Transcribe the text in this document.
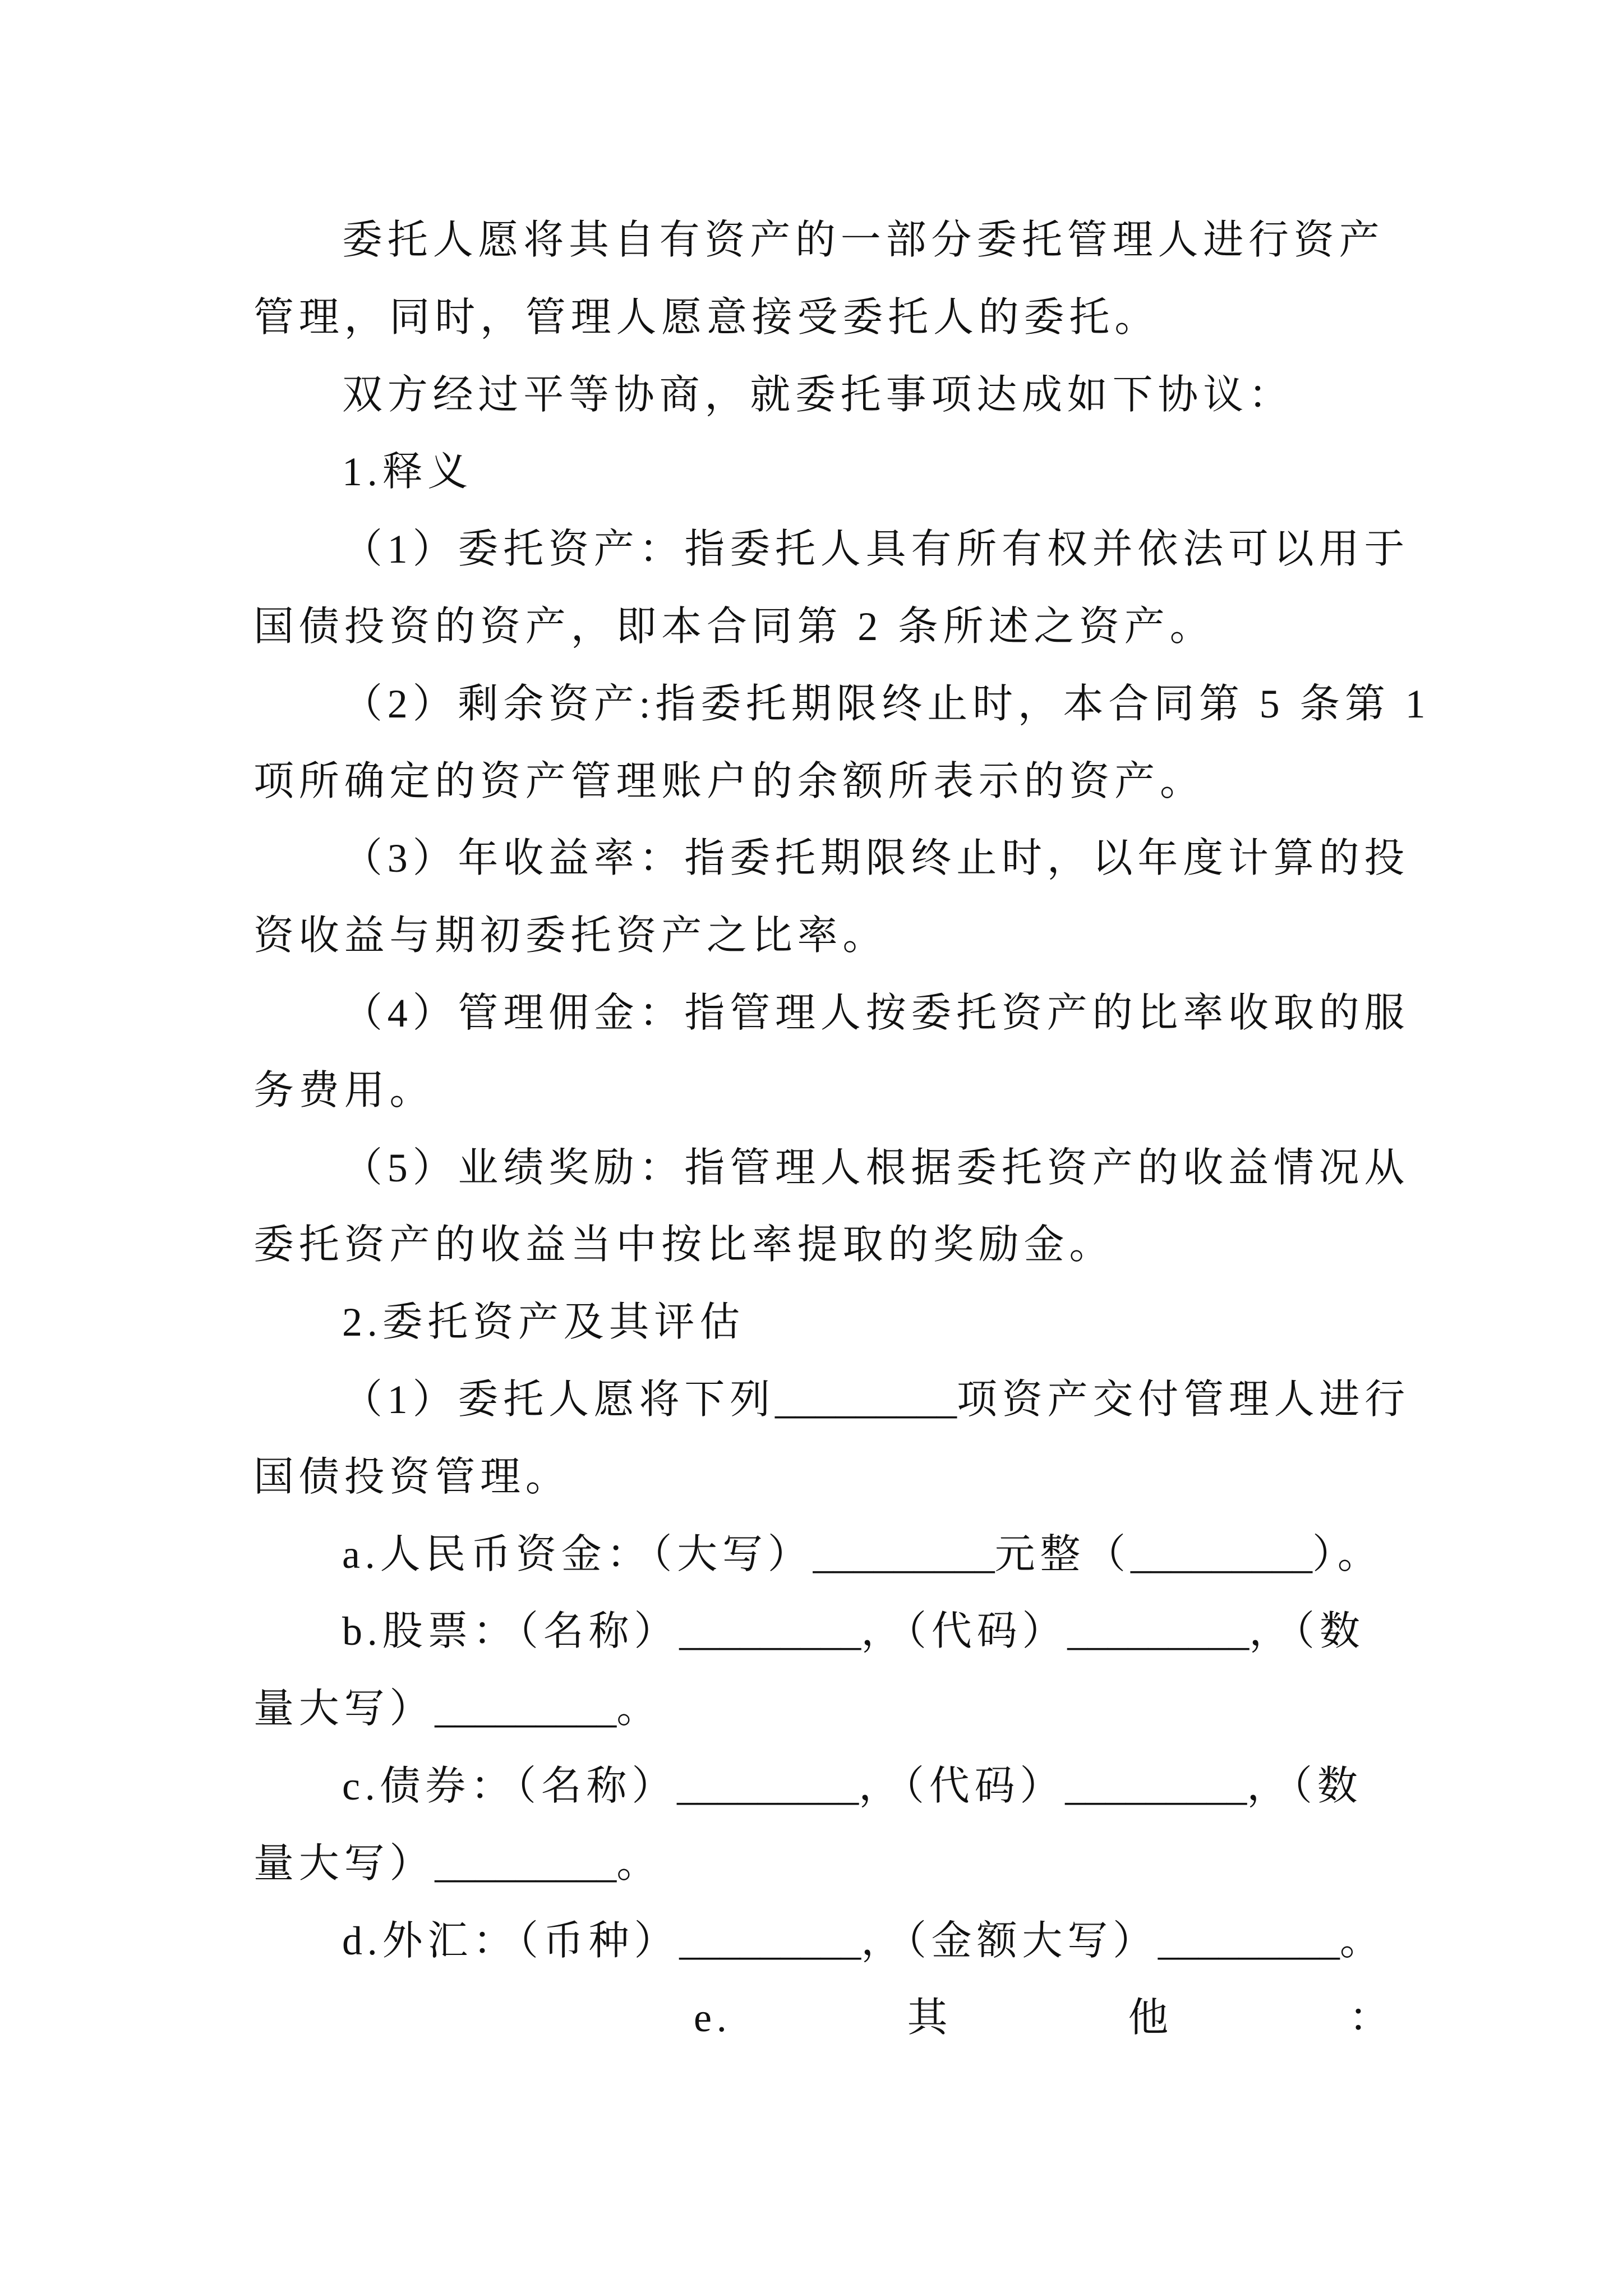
委托人愿将其自有资产的一部分委托管理人进行资产
管理，同时，管理人愿意接受委托人的委托。
双方经过平等协商，就委托事项达成如下协议：
1.释义
（1）委托资产：指委托人具有所有权并依法可以用于
国债投资的资产，即本合同第 2 条所述之资产。
（2）剩余资产:指委托期限终止时，本合同第 5 条第 1
项所确定的资产管理账户的余额所表示的资产。
（3）年收益率：指委托期限终止时，以年度计算的投
资收益与期初委托资产之比率。
（4）管理佣金：指管理人按委托资产的比率收取的服
务费用。
（5）业绩奖励：指管理人根据委托资产的收益情况从
委托资产的收益当中按比率提取的奖励金。
2.委托资产及其评估
（1）委托人愿将下列_________项资产交付管理人进行
国债投资管理。
a.人民币资金：（大写）_________元整（_________）。
b.股票：（名称）_________，（代码）_________，（数
量大写）_________。
c.债券：（名称）_________，（代码）_________，（数
量大写）_________。
d.外汇：（币种）_________，（金额大写）_________。
e.	其	他	：
